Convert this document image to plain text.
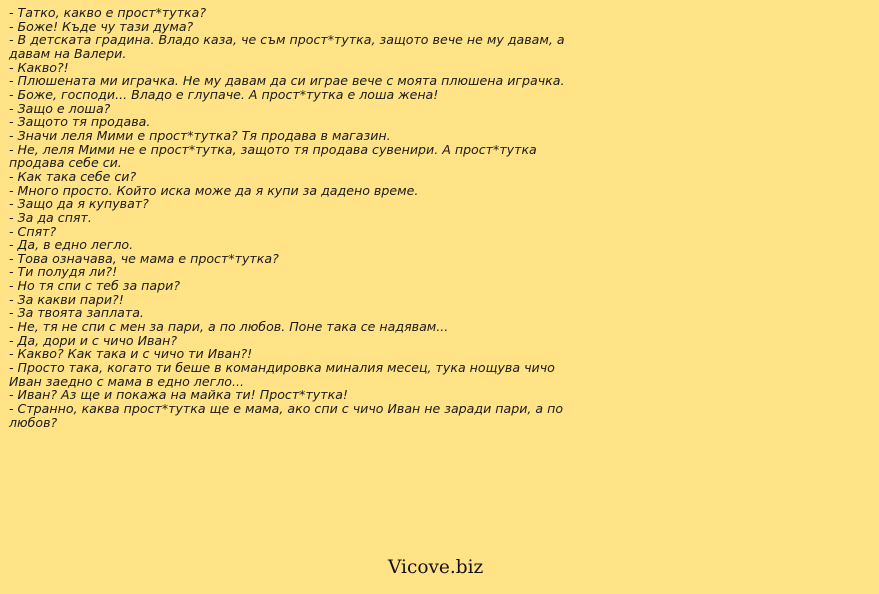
- Татко, какво е прост*тутка?
- Боже! Къде чу тази дума?
- В детската градина. Владо каза, че съм прост*тутка, защото вече не му давам, а давам на Валери.
- Какво?!
- Плюшената ми играчка. Не му давам да си играе вече с моята плюшена играчка.
- Боже, господи... Владо е глупаче. А прост*тутка е лоша жена!
- Защо е лоша?
- Защото тя продава.
- Значи леля Мими е прост*тутка? Тя продава в магазин.
- Не, леля Мими не е прост*тутка, защото тя продава сувенири. А прост*тутка продава себе си.
- Как така себе си?
- Много просто. Който иска може да я купи за дадено време.
- Защо да я купуват?
- За да спят.
- Спят?
- Да, в едно легло.
- Това означава, че мама е прост*тутка?
- Ти полудя ли?!
- Но тя спи с теб за пари?
- За какви пари?!
- За твоята заплата.
- Не, тя не спи с мен за пари, а по любов. Поне така се надявам...
- Да, дори и с чичо Иван?
- Какво? Как така и с чичо ти Иван?!
- Просто така, когато ти беше в командировка миналия месец, тука нощува чичо Иван заедно с мама в едно легло...
- Иван? Аз ще и покажа на майка ти! Прост*тутка!
- Странно, каква прост*тутка ще е мама, ако спи с чичо Иван не заради пари, а по любов?
Vicove.biz
